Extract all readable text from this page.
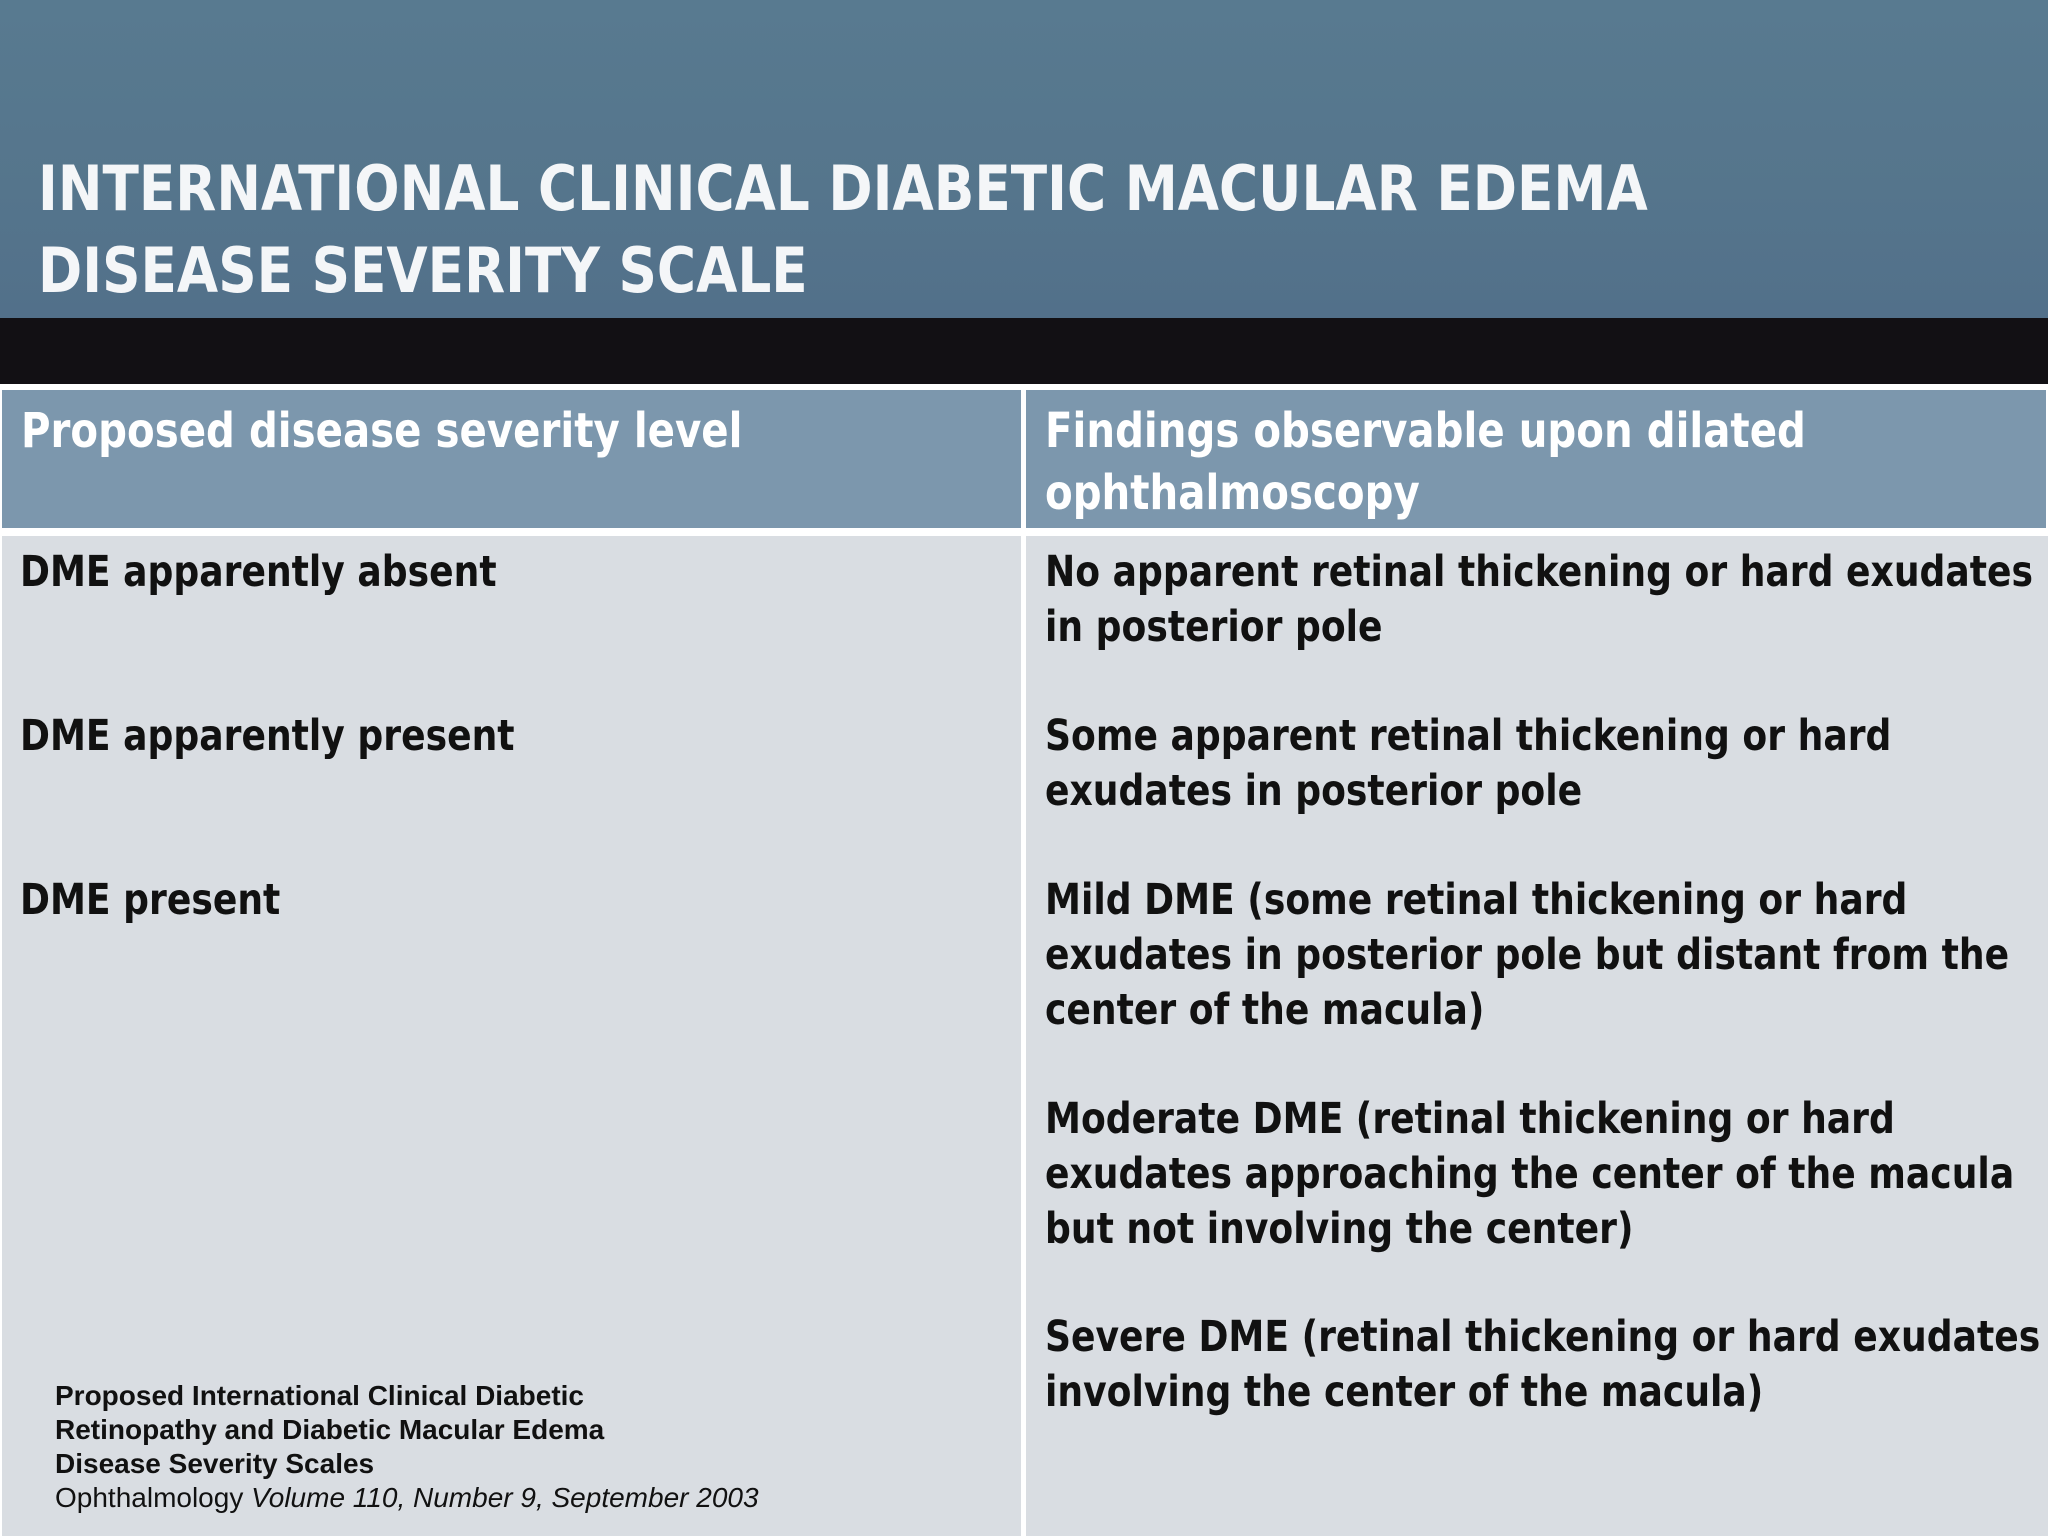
INTERNATIONAL CLINICAL DIABETIC MACULAR EDEMA
DISEASE SEVERITY SCALE

Proposed disease severity level	Findings observable upon dilated ophthalmoscopy

DME apparently absent

DME apparently present

DME present

No apparent retinal thickening or hard exudates in posterior pole

Some apparent retinal thickening or hard exudates in posterior pole

Mild DME (some retinal thickening or hard exudates in posterior pole but distant from the center of the macula)

Moderate DME (retinal thickening or hard exudates approaching the center of the macula but not involving the center)

Severe DME (retinal thickening or hard exudates involving the center of the macula)

Proposed International Clinical Diabetic
Retinopathy and Diabetic Macular Edema
Disease Severity Scales
Ophthalmology Volume 110, Number 9, September 2003
